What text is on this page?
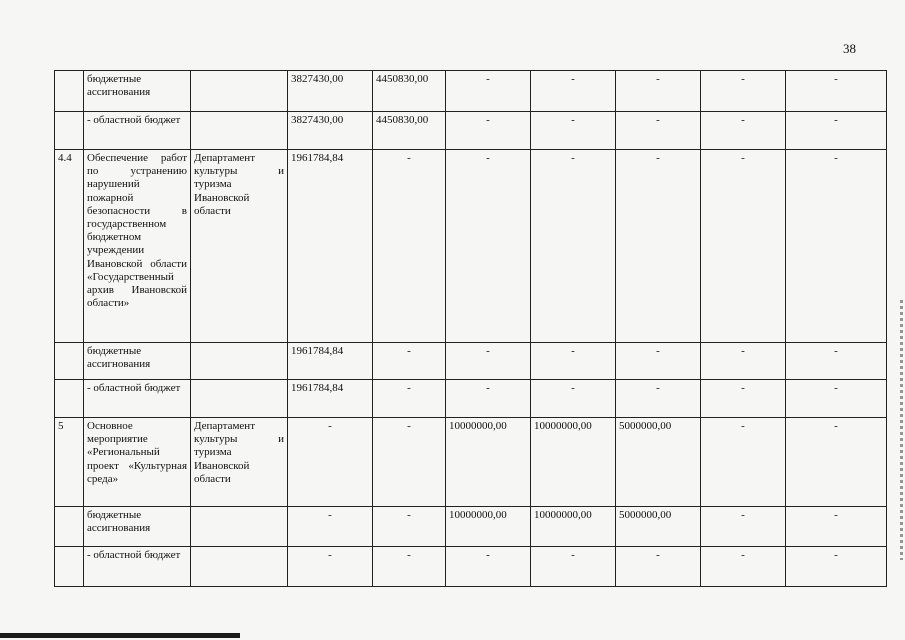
38
	бюджетные ассигнования		3827430,00	4450830,00	-	-	-	-	-
	- областной бюджет		3827430,00	4450830,00	-	-	-	-	-
4.4	Обеспечение работ по устранению нарушений пожарной безопасности в государственном бюджетном учреждении Ивановской области «Государственный архив Ивановской области»	Департамент культуры и туризма Ивановской области	1961784,84	-	-	-	-	-	-
	бюджетные ассигнования		1961784,84	-	-	-	-	-	-
	- областной бюджет		1961784,84	-	-	-	-	-	-
5	Основное мероприятие «Региональный проект «Культурная среда»	Департамент культуры и туризма Ивановской области	-	-	10000000,00	10000000,00	5000000,00	-	-
	бюджетные ассигнования		-	-	10000000,00	10000000,00	5000000,00	-	-
	- областной бюджет		-	-	-	-	-	-	-
